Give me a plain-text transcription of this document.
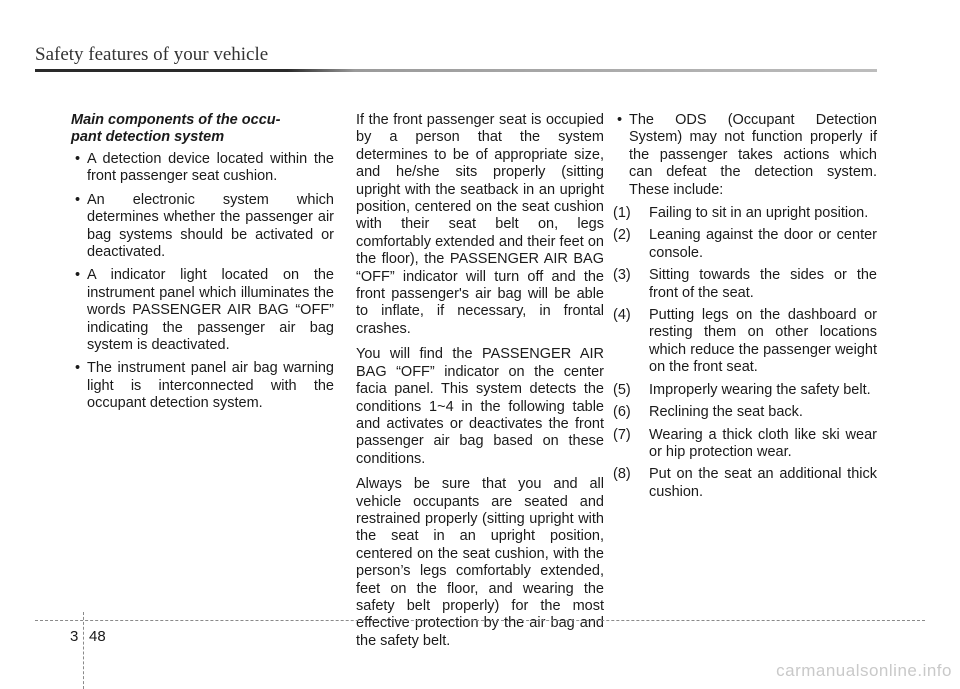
Safety features of your vehicle
Main components of the occu-
pant detection system
• A detection device located within the front passenger seat cushion.
• An electronic system which determines whether the passenger air bag systems should be activated or deactivated.
• A indicator light located on the instrument panel which illuminates the words PASSENGER AIR BAG “OFF” indicating the passenger air bag system is deactivated.
• The instrument panel air bag warning light is interconnected with the occupant detection system.

If the front passenger seat is occupied by a person that the system determines to be of appropriate size, and he/she sits properly (sitting upright with the seatback in an upright position, centered on the seat cushion with their seat belt on, legs comfortably extended and their feet on the floor), the PASSENGER AIR BAG “OFF” indicator will turn off and the front passenger's air bag will be able to inflate, if necessary, in frontal crashes.

You will find the PASSENGER AIR BAG “OFF” indicator on the center facia panel. This system detects the conditions 1~4 in the following table and activates or deactivates the front passenger air bag based on these conditions.

Always be sure that you and all vehicle occupants are seated and restrained properly (sitting upright with the seat in an upright position, centered on the seat cushion, with the person’s legs comfortably extended, feet on the floor, and wearing the safety belt properly) for the most effective protection by the air bag and the safety belt.

• The ODS (Occupant Detection System) may not function properly if the passenger takes actions which can defeat the detection system. These include:
(1) Failing to sit in an upright position.
(2) Leaning against the door or center console.
(3) Sitting towards the sides or the front of the seat.
(4) Putting legs on the dashboard or resting them on other locations which reduce the passenger weight on the front seat.
(5) Improperly wearing the safety belt.
(6) Reclining the seat back.
(7) Wearing a thick cloth like ski wear or hip protection wear.
(8) Put on the seat an additional thick cushion.
3 48
carmanualsonline.info
